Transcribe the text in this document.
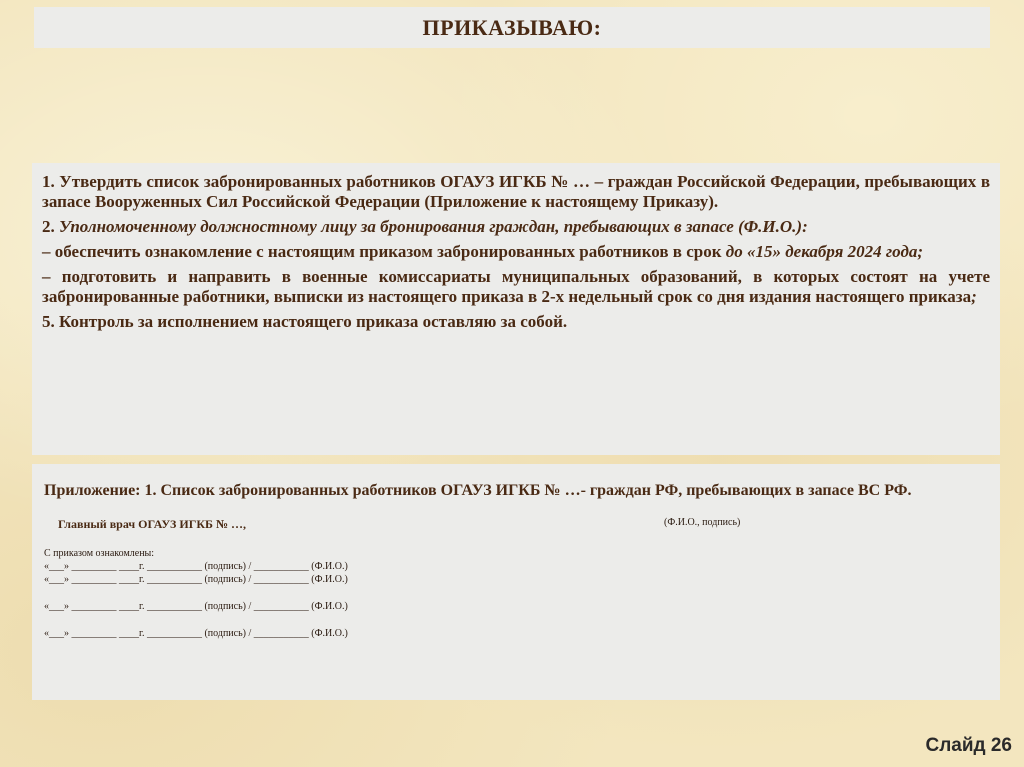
ПРИКАЗЫВАЮ:

1. Утвердить список забронированных работников ОГАУЗ ИГКБ № … – граждан Российской Федерации, пребывающих в запасе Вооруженных Сил Российской Федерации (Приложение к настоящему Приказу).

2. Уполномоченному должностному лицу за бронирования граждан, пребывающих в запасе (Ф.И.О.):

– обеспечить ознакомление с настоящим приказом забронированных работников в срок до «15» декабря 2024 года;

– подготовить и направить в военные комиссариаты муниципальных образований, в которых состоят на учете забронированные работники, выписки из настоящего приказа в 2-х недельный срок со дня издания настоящего приказа;

5. Контроль за исполнением настоящего приказа оставляю за собой.

Приложение: 1. Список забронированных работников ОГАУЗ ИГКБ № …- граждан РФ, пребывающих в запасе ВС РФ.

Главный врач ОГАУЗ ИГКБ № …,	(Ф.И.О., подпись)
С приказом ознакомлены:
«___» _________ ____г. ___________ (подпись) / ___________ (Ф.И.О.)
«___» _________ ____г. ___________ (подпись) / ___________ (Ф.И.О.)
«___» _________ ____г. ___________ (подпись) / ___________ (Ф.И.О.)
«___» _________ ____г. ___________ (подпись) / ___________ (Ф.И.О.)
Слайд 26
